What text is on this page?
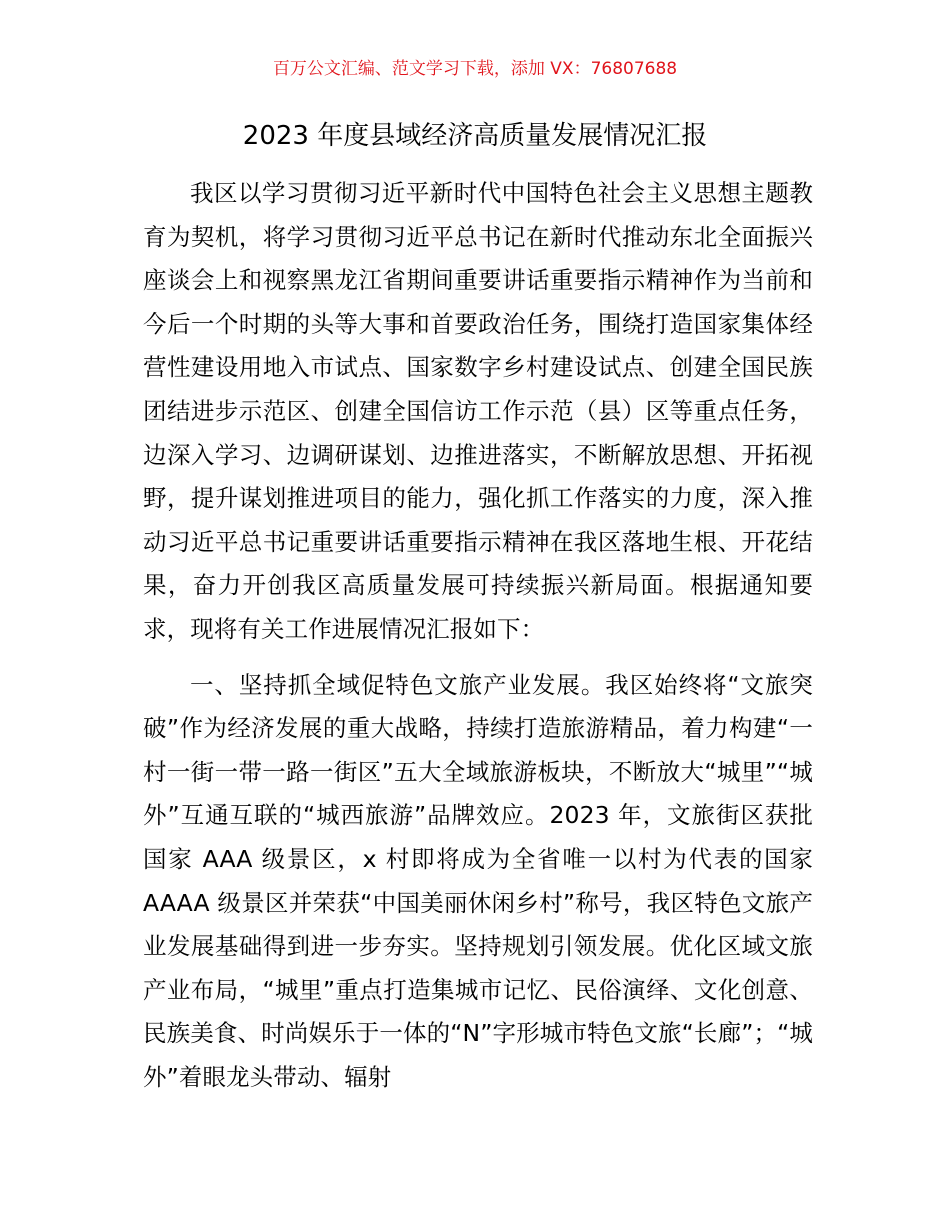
百万公文汇编、范文学习下载，添加 VX：76807688
2023 年度县域经济高质量发展情况汇报

我区以学习贯彻习近平新时代中国特色社会主义思想主题教育为契机，将学习贯彻习近平总书记在新时代推动东北全面振兴座谈会上和视察黑龙江省期间重要讲话重要指示精神作为当前和今后一个时期的头等大事和首要政治任务，围绕打造国家集体经营性建设用地入市试点、国家数字乡村建设试点、创建全国民族团结进步示范区、创建全国信访工作示范（县）区等重点任务，边深入学习、边调研谋划、边推进落实，不断解放思想、开拓视野，提升谋划推进项目的能力，强化抓工作落实的力度，深入推动习近平总书记重要讲话重要指示精神在我区落地生根、开花结果，奋力开创我区高质量发展可持续振兴新局面。根据通知要求，现将有关工作进展情况汇报如下：

一、坚持抓全域促特色文旅产业发展。我区始终将“文旅突破”作为经济发展的重大战略，持续打造旅游精品，着力构建“一村一街一带一路一街区”五大全域旅游板块，不断放大“城里”“城外”互通互联的“城西旅游”品牌效应。2023 年，文旅街区获批国家 AAA 级景区，x 村即将成为全省唯一以村为代表的国家 AAAA 级景区并荣获“中国美丽休闲乡村”称号，我区特色文旅产业发展基础得到进一步夯实。坚持规划引领发展。优化区域文旅产业布局，“城里”重点打造集城市记忆、民俗演绎、文化创意、民族美食、时尚娱乐于一体的“N”字形城市特色文旅“长廊”；“城外”着眼龙头带动、辐射
